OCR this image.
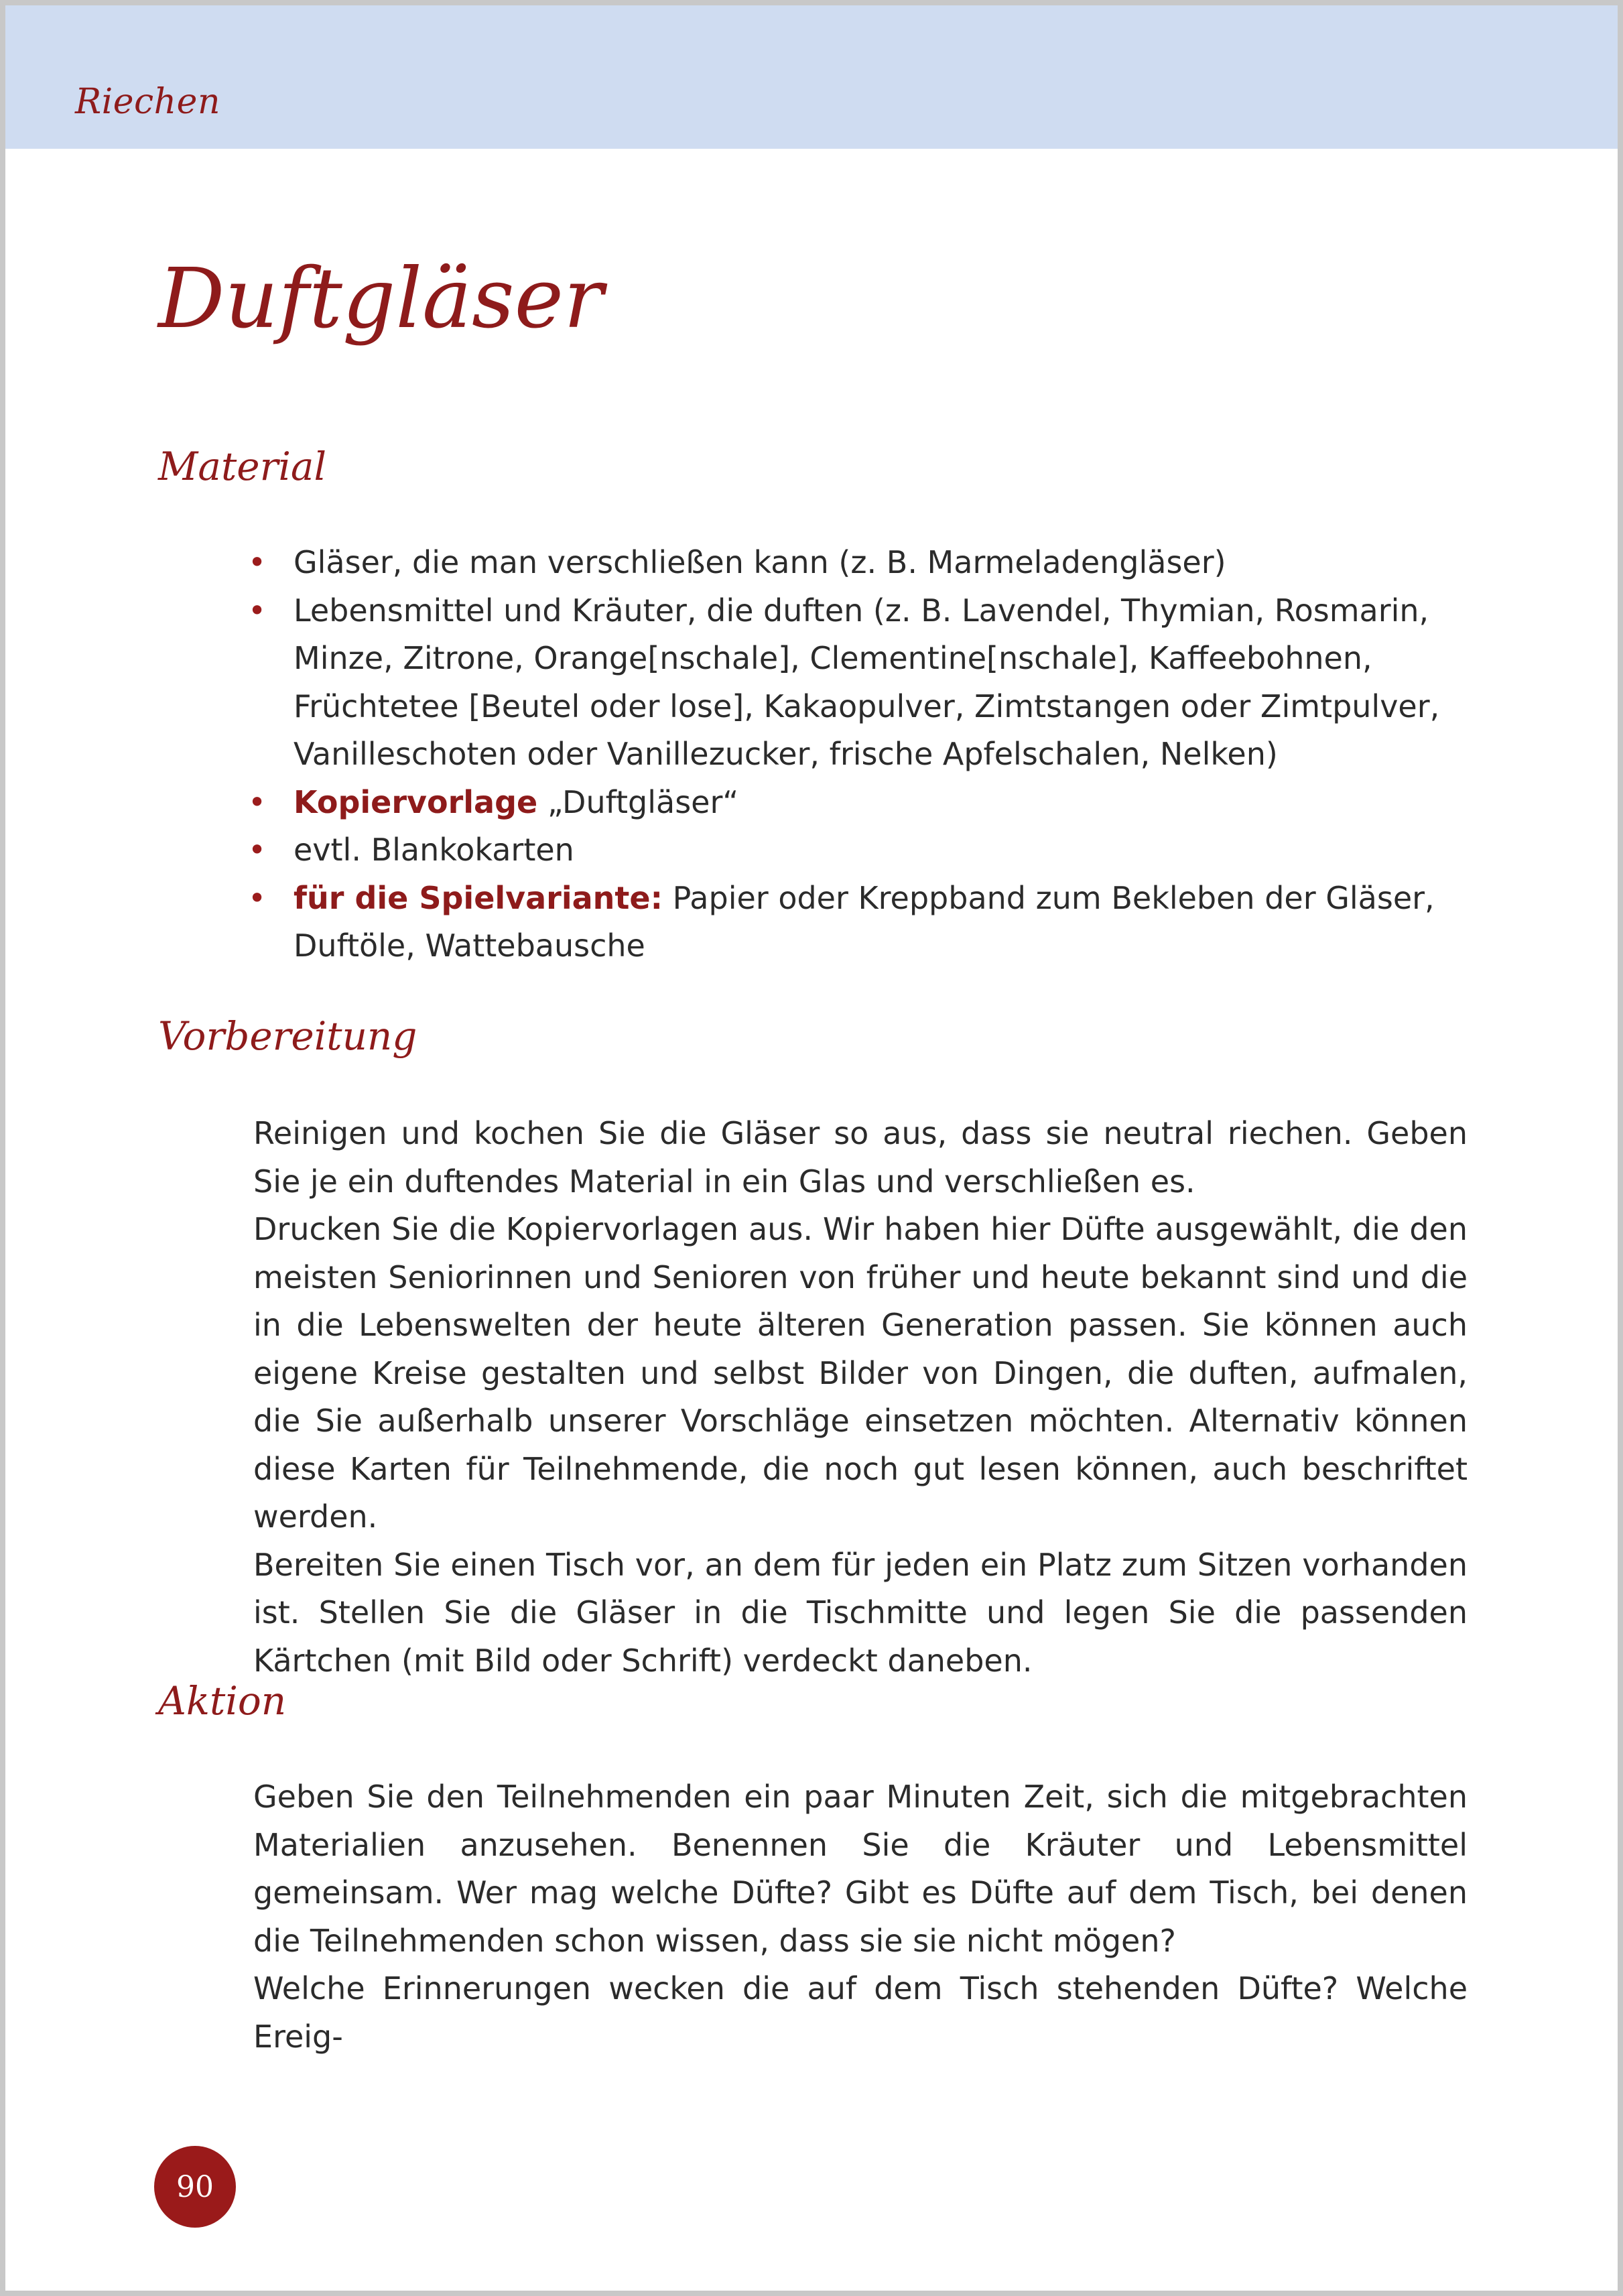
Riechen
Duftgläser
Material
• Gläser, die man verschließen kann (z. B. Marmeladengläser)
• Lebensmittel und Kräuter, die duften (z. B. Lavendel, Thymian, Rosmarin, Minze, Zitrone, Orange[nschale], Clementine[nschale], Kaffeebohnen, Früchtetee [Beutel oder lose], Kakaopulver, Zimtstangen oder Zimtpulver, Vanilleschoten oder Vanillezucker, frische Apfelschalen, Nelken)
• Kopiervorlage „Duftgläser“
• evtl. Blankokarten
• für die Spielvariante: Papier oder Kreppband zum Bekleben der Gläser, Duftöle, Wattebausche
Vorbereitung

Reinigen und kochen Sie die Gläser so aus, dass sie neutral riechen. Geben Sie je ein duftendes Material in ein Glas und verschließen es.

Drucken Sie die Kopiervorlagen aus. Wir haben hier Düfte ausgewählt, die den meisten Seniorinnen und Senioren von früher und heute bekannt sind und die in die Lebenswelten der heute älteren Generation passen. Sie können auch eigene Kreise gestalten und selbst Bilder von Dingen, die duften, aufmalen, die Sie außerhalb unserer Vorschläge einsetzen möchten. Alternativ können diese Karten für Teilnehmende, die noch gut lesen können, auch beschriftet werden.

Bereiten Sie einen Tisch vor, an dem für jeden ein Platz zum Sitzen vorhanden ist. Stellen Sie die Gläser in die Tischmitte und legen Sie die passenden Kärtchen (mit Bild oder Schrift) verdeckt daneben.

Aktion

Geben Sie den Teilnehmenden ein paar Minuten Zeit, sich die mitgebrachten Materialien anzusehen. Benennen Sie die Kräuter und Lebensmittel gemeinsam. Wer mag welche Düfte? Gibt es Düfte auf dem Tisch, bei denen die Teilnehmenden schon wissen, dass sie sie nicht mögen?

Welche Erinnerungen wecken die auf dem Tisch stehenden Düfte? Welche Ereig-

90
